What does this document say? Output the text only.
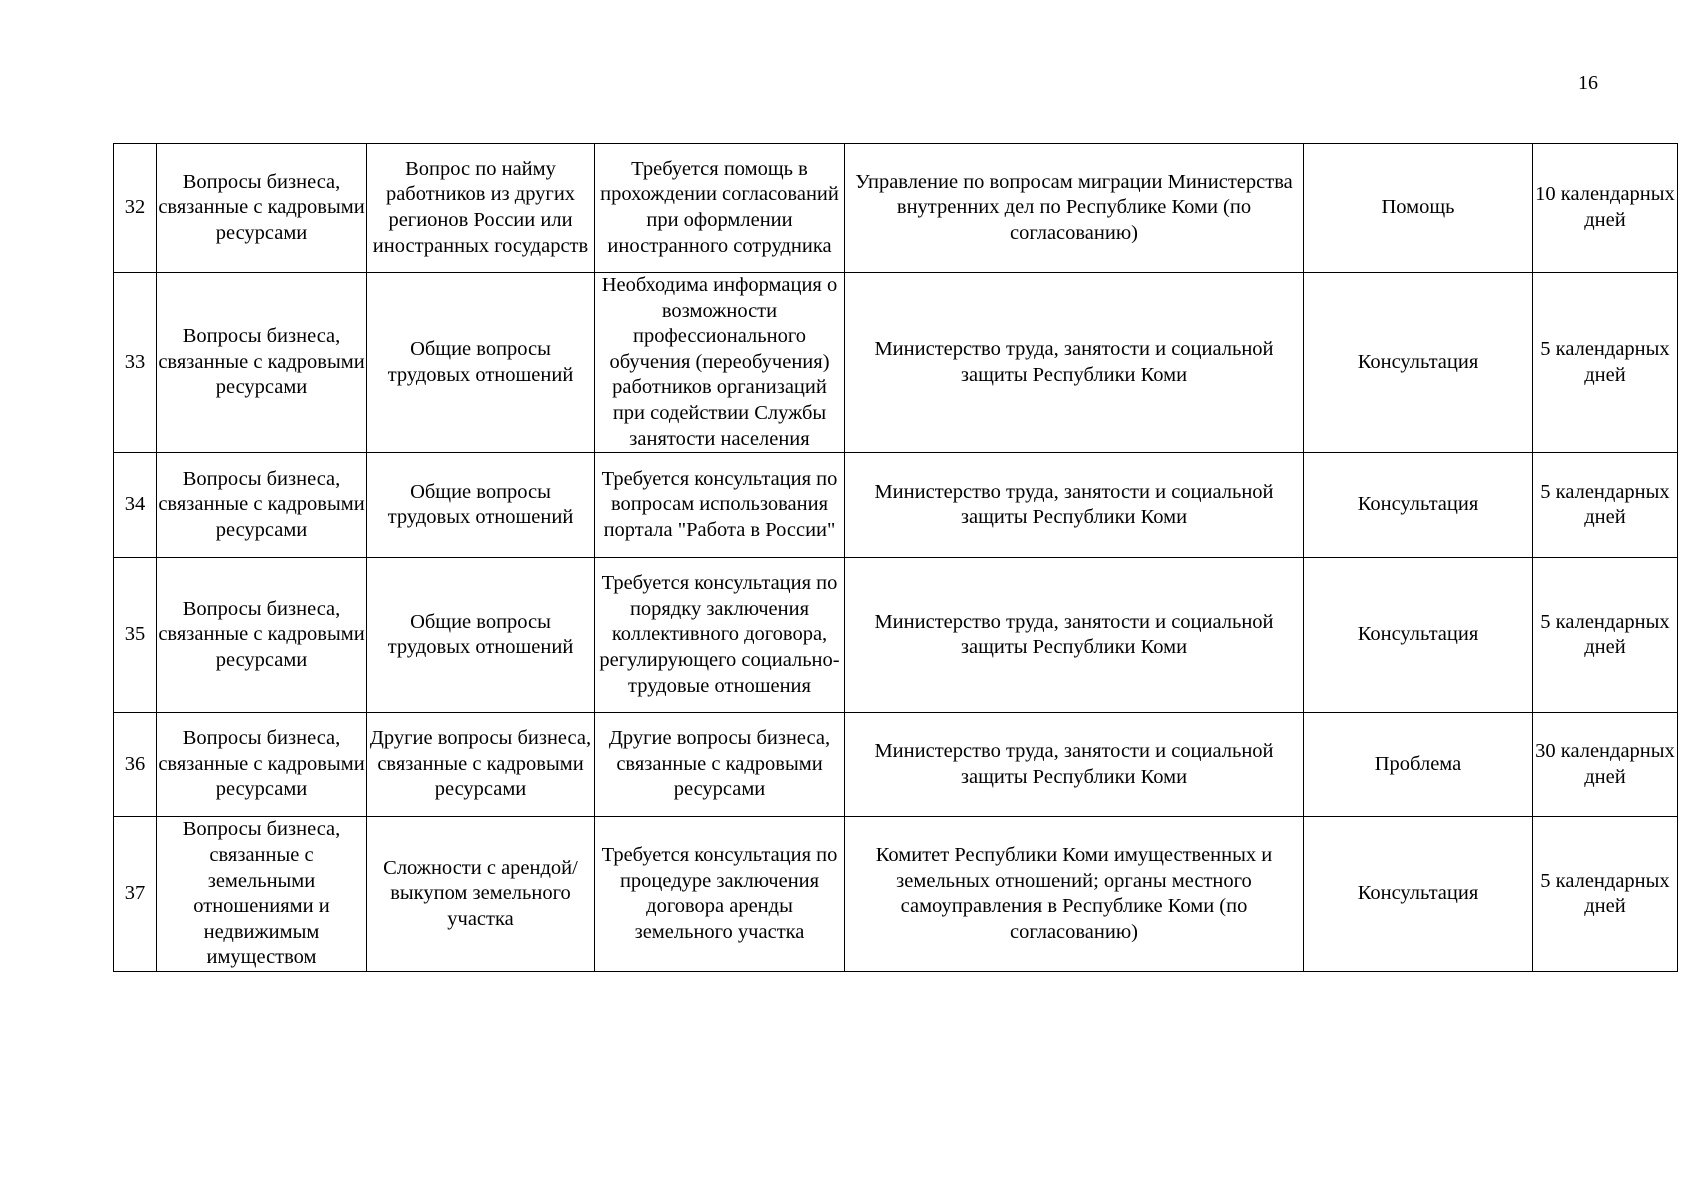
16
32	Вопросы бизнеса, связанные с кадровыми ресурсами	Вопрос по найму работников из других регионов России или иностранных государств	Требуется помощь в прохождении согласований при оформлении иностранного сотрудника	Управление по вопросам миграции Министерства внутренних дел по Республике Коми (по согласованию)	Помощь	10 календарных дней
33	Вопросы бизнеса, связанные с кадровыми ресурсами	Общие вопросы трудовых отношений	Необходима информация о возможности профессионального обучения (переобучения) работников организаций при содействии Службы занятости населения	Министерство труда, занятости и социальной защиты Республики Коми	Консультация	5 календарных дней
34	Вопросы бизнеса, связанные с кадровыми ресурсами	Общие вопросы трудовых отношений	Требуется консультация по вопросам использования портала "Работа в России"	Министерство труда, занятости и социальной защиты Республики Коми	Консультация	5 календарных дней
35	Вопросы бизнеса, связанные с кадровыми ресурсами	Общие вопросы трудовых отношений	Требуется консультация по порядку заключения коллективного договора, регулирующего социально-трудовые отношения	Министерство труда, занятости и социальной защиты Республики Коми	Консультация	5 календарных дней
36	Вопросы бизнеса, связанные с кадровыми ресурсами	Другие вопросы бизнеса, связанные с кадровыми ресурсами	Другие вопросы бизнеса, связанные с кадровыми ресурсами	Министерство труда, занятости и социальной защиты Республики Коми	Проблема	30 календарных дней
37	Вопросы бизнеса, связанные с земельными отношениями и недвижимым имуществом	Сложности с арендой/выкупом земельного участка	Требуется консультация по процедуре заключения договора аренды земельного участка	Комитет Республики Коми имущественных и земельных отношений; органы местного самоуправления в Республике Коми (по согласованию)	Консультация	5 календарных дней
